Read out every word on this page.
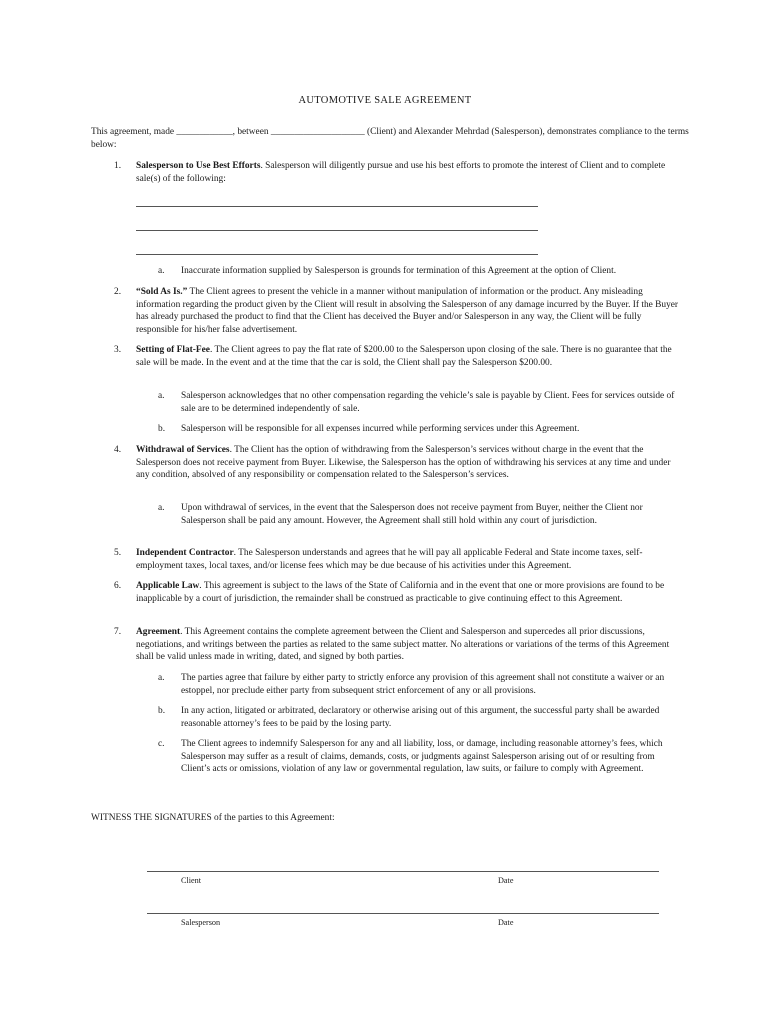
AUTOMOTIVE SALE AGREEMENT
This agreement, made ____________, between ____________________ (Client) and Alexander Mehrdad (Salesperson), demonstrates compliance to the terms below:
1. Salesperson to Use Best Efforts. Salesperson will diligently pursue and use his best efforts to promote the interest of Client and to complete sale(s) of the following:
a. Inaccurate information supplied by Salesperson is grounds for termination of this Agreement at the option of Client.
2. “Sold As Is.” The Client agrees to present the vehicle in a manner without manipulation of information or the product. Any misleading information regarding the product given by the Client will result in absolving the Salesperson of any damage incurred by the Buyer. If the Buyer has already purchased the product to find that the Client has deceived the Buyer and/or Salesperson in any way, the Client will be fully responsible for his/her false advertisement.
3. Setting of Flat-Fee. The Client agrees to pay the flat rate of $200.00 to the Salesperson upon closing of the sale. There is no guarantee that the sale will be made. In the event and at the time that the car is sold, the Client shall pay the Salesperson $200.00.
a. Salesperson acknowledges that no other compensation regarding the vehicle’s sale is payable by Client. Fees for services outside of sale are to be determined independently of sale.
b. Salesperson will be responsible for all expenses incurred while performing services under this Agreement.
4. Withdrawal of Services. The Client has the option of withdrawing from the Salesperson’s services without charge in the event that the Salesperson does not receive payment from Buyer. Likewise, the Salesperson has the option of withdrawing his services at any time and under any condition, absolved of any responsibility or compensation related to the Salesperson’s services.
a. Upon withdrawal of services, in the event that the Salesperson does not receive payment from Buyer, neither the Client nor Salesperson shall be paid any amount. However, the Agreement shall still hold within any court of jurisdiction.
5. Independent Contractor. The Salesperson understands and agrees that he will pay all applicable Federal and State income taxes, self-employment taxes, local taxes, and/or license fees which may be due because of his activities under this Agreement.
6. Applicable Law. This agreement is subject to the laws of the State of California and in the event that one or more provisions are found to be inapplicable by a court of jurisdiction, the remainder shall be construed as practicable to give continuing effect to this Agreement.
7. Agreement. This Agreement contains the complete agreement between the Client and Salesperson and supercedes all prior discussions, negotiations, and writings between the parties as related to the same subject matter. No alterations or variations of the terms of this Agreement shall be valid unless made in writing, dated, and signed by both parties.
a. The parties agree that failure by either party to strictly enforce any provision of this agreement shall not constitute a waiver or an estoppel, nor preclude either party from subsequent strict enforcement of any or all provisions.
b. In any action, litigated or arbitrated, declaratory or otherwise arising out of this argument, the successful party shall be awarded reasonable attorney’s fees to be paid by the losing party.
c. The Client agrees to indemnify Salesperson for any and all liability, loss, or damage, including reasonable attorney’s fees, which Salesperson may suffer as a result of claims, demands, costs, or judgments against Salesperson arising out of or resulting from Client’s acts or omissions, violation of any law or governmental regulation, law suits, or failure to comply with Agreement.
WITNESS THE SIGNATURES of the parties to this Agreement:
Client	Date
Salesperson	Date
